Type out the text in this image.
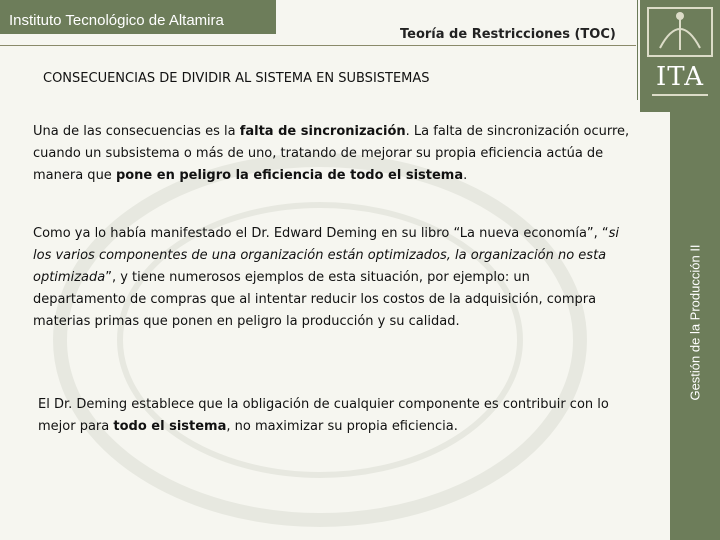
Instituto Tecnológico de Altamira
Teoría de Restricciones (TOC)
ITA
CONSECUENCIAS DE DIVIDIR AL SISTEMA EN SUBSISTEMAS

Una de las consecuencias es la falta de sincronización. La falta de sincronización ocurre, cuando un subsistema o más de uno, tratando de mejorar su propia eficiencia actúa de manera que pone en peligro la eficiencia de todo el sistema.

Como ya lo había manifestado el Dr. Edward Deming en su libro “La nueva economía”, “si los varios componentes de una organización están optimizados, la organización no esta optimizada”, y tiene numerosos ejemplos de esta situación, por ejemplo: un departamento de compras que al intentar reducir los costos de la adquisición, compra materias primas que ponen en peligro la producción y su calidad.

El Dr. Deming establece que la obligación de cualquier componente es contribuir con lo mejor para todo el sistema, no maximizar su propia eficiencia.

Gestión de la Producción II
